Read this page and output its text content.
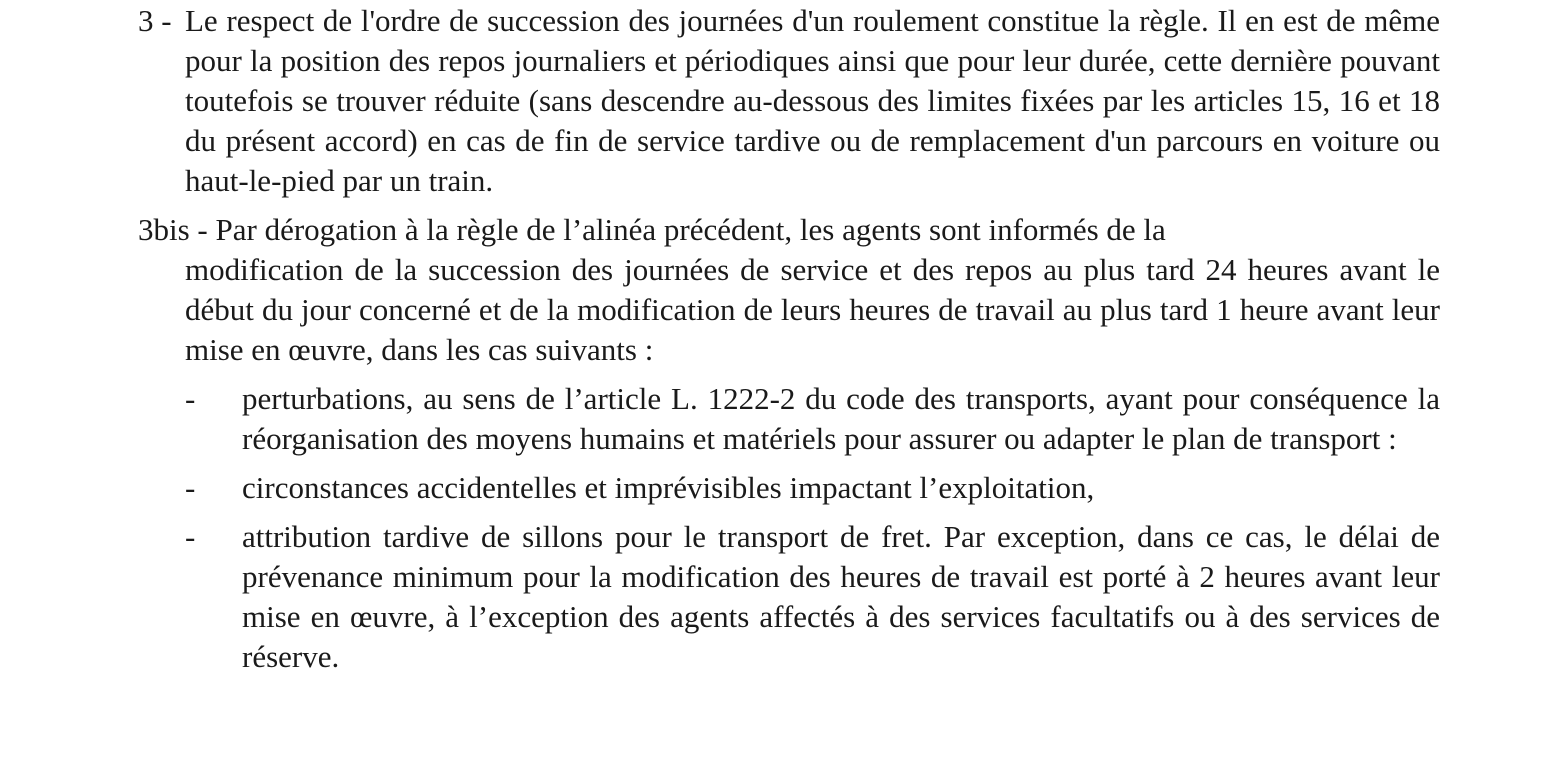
3 - Le respect de l'ordre de succession des journées d'un roulement constitue la règle. Il en est de même pour la position des repos journaliers et périodiques ainsi que pour leur durée, cette dernière pouvant toutefois se trouver réduite (sans descendre au-dessous des limites fixées par les articles 15, 16 et 18 du présent accord) en cas de fin de service tardive ou de remplacement d'un parcours en voiture ou haut-le-pied par un train.
3bis - Par dérogation à la règle de l’alinéa précédent, les agents sont informés de la
modification de la succession des journées de service et des repos au plus tard 24 heures avant le début du jour concerné et de la modification de leurs heures de travail au plus tard 1 heure avant leur mise en œuvre, dans les cas suivants :
- perturbations, au sens de l’article L. 1222-2 du code des transports, ayant pour conséquence la réorganisation des moyens humains et matériels pour assurer ou adapter le plan de transport :
- circonstances accidentelles et imprévisibles impactant l’exploitation,
- attribution tardive de sillons pour le transport de fret. Par exception, dans ce cas, le délai de prévenance minimum pour la modification des heures de travail est porté à 2 heures avant leur mise en œuvre, à l’exception des agents affectés à des services facultatifs ou à des services de réserve.
